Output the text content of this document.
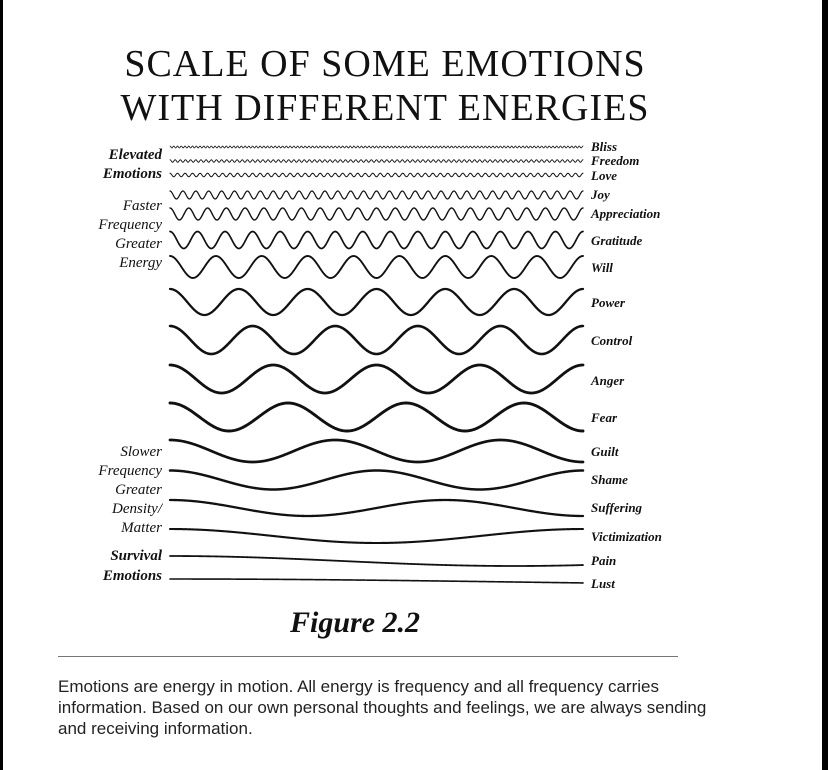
SCALE OF SOME EMOTIONS
WITH DIFFERENT ENERGIES
Bliss
Freedom
Love
Joy
Appreciation
Gratitude
Will
Power
Control
Anger
Fear
Guilt
Shame
Suffering
Victimization
Pain
Lust
Elevated
Emotions
Faster
Frequency
Greater
Energy
Slower
Frequency
Greater
Density/
Matter
Survival
Emotions
Figure 2.2

Emotions are energy in motion. All energy is frequency and all frequency carries information. Based on our own personal thoughts and feelings, we are always sending and receiving information.
